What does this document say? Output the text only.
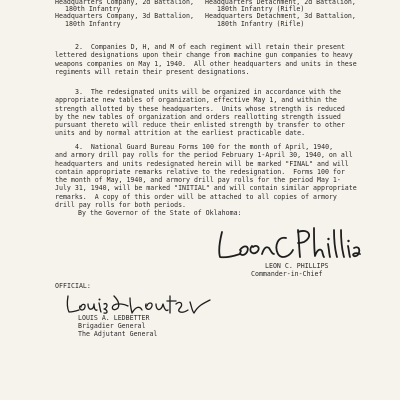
Headquarters Company, 2d Battalion,
180th Infantry
Headquarters Company, 3d Battalion,
180th Infantry
Headquarters Detachment, 2d Battalion,
180th Infantry (Rifle)
Headquarters Detachment, 3d Battalion,
180th Infantry (Rifle)
2.  Companies D, H, and M of each regiment will retain their present
lettered designations upon their change from machine gun companies to heavy
weapons companies on May 1, 1940.  All other headquarters and units in these
regiments will retain their present designations.
3.  The redesignated units will be organized in accordance with the
appropriate new tables of organization, effective May 1, and within the
strength allotted by these headquarters.  Units whose strength is reduced
by the new tables of organization and orders reallotting strength issued
pursuant thereto will reduce their enlisted strength by transfer to other
units and by normal attrition at the earliest practicable date.
4.  National Guard Bureau Forms 100 for the month of April, 1940,
and armory drill pay rolls for the period February 1-April 30, 1940, on all
headquarters and units redesignated herein will be marked "FINAL" and will
contain appropriate remarks relative to the redesignation.  Forms 100 for
the month of May, 1940, and armory drill pay rolls for the period May 1-
July 31, 1940, will be marked "INITIAL" and will contain similar appropriate
remarks.  A copy of this order will be attached to all copies of armory
drill pay rolls for both periods.

By the Governor of the State of Oklahoma:

LEON C. PHILLIPS
Commander-in-Chief

OFFICIAL:

LOUIS A. LEDBETTER
Brigadier General
The Adjutant General
